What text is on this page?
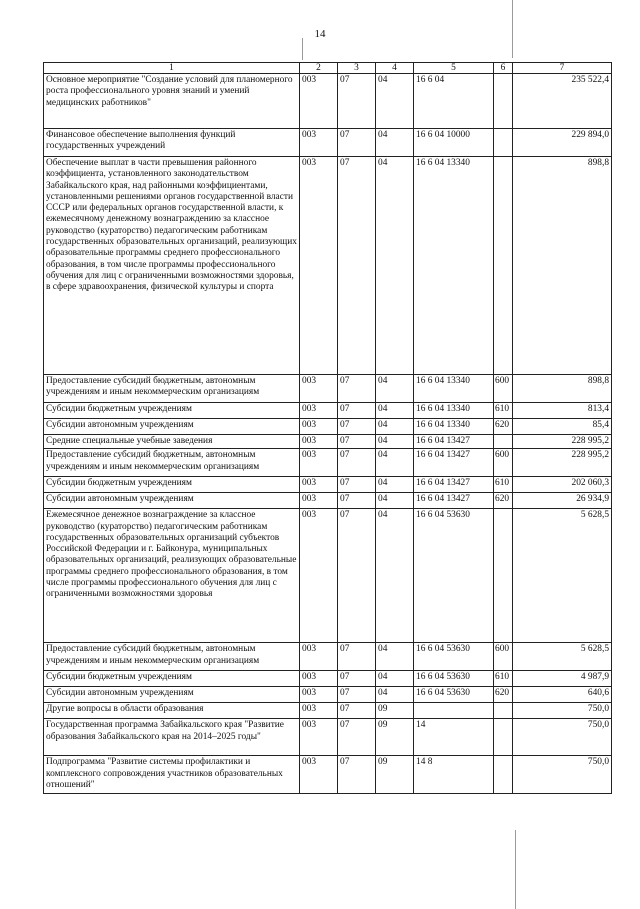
14
1	2	3	4	5	6	7
Основное мероприятие "Создание условий для планомерного роста профессионального уровня знаний и умений медицинских работников"	003	07	04	16 6 04		235 522,4
Финансовое обеспечение выполнения функций государственных учреждений	003	07	04	16 6 04 10000		229 894,0
Обеспечение выплат в части превышения районного коэффициента, установленного законодательством Забайкальского края, над районными коэффициентами, установленными решениями органов государственной власти СССР или федеральных органов государственной власти, к ежемесячному денежному вознаграждению за классное руководство (кураторство) педагогическим работникам государственных образовательных организаций, реализующих образовательные программы среднего профессионального образования, в том числе программы профессионального обучения для лиц с ограниченными возможностями здоровья, в сфере здравоохранения, физической культуры и спорта	003	07	04	16 6 04 13340		898,8
Предоставление субсидий бюджетным, автономным учреждениям и иным некоммерческим организациям	003	07	04	16 6 04 13340	600	898,8
Субсидии бюджетным учреждениям	003	07	04	16 6 04 13340	610	813,4
Субсидии автономным учреждениям	003	07	04	16 6 04 13340	620	85,4
Средние специальные учебные заведения	003	07	04	16 6 04 13427		228 995,2
Предоставление субсидий бюджетным, автономным учреждениям и иным некоммерческим организациям	003	07	04	16 6 04 13427	600	228 995,2
Субсидии бюджетным учреждениям	003	07	04	16 6 04 13427	610	202 060,3
Субсидии автономным учреждениям	003	07	04	16 6 04 13427	620	26 934,9
Ежемесячное денежное вознаграждение за классное руководство (кураторство) педагогическим работникам государственных образовательных организаций субъектов Российской Федерации и г. Байконура, муниципальных образовательных организаций, реализующих образовательные программы среднего профессионального образования, в том числе программы профессионального обучения для лиц с ограниченными возможностями здоровья	003	07	04	16 6 04 53630		5 628,5
Предоставление субсидий бюджетным, автономным учреждениям и иным некоммерческим организациям	003	07	04	16 6 04 53630	600	5 628,5
Субсидии бюджетным учреждениям	003	07	04	16 6 04 53630	610	4 987,9
Субсидии автономным учреждениям	003	07	04	16 6 04 53630	620	640,6
Другие вопросы в области образования	003	07	09			750,0
Государственная программа Забайкальского края "Развитие образования Забайкальского края на 2014–2025 годы"	003	07	09	14		750,0
Подпрограмма "Развитие системы профилактики и комплексного сопровождения участников образовательных отношений"	003	07	09	14 8		750,0
